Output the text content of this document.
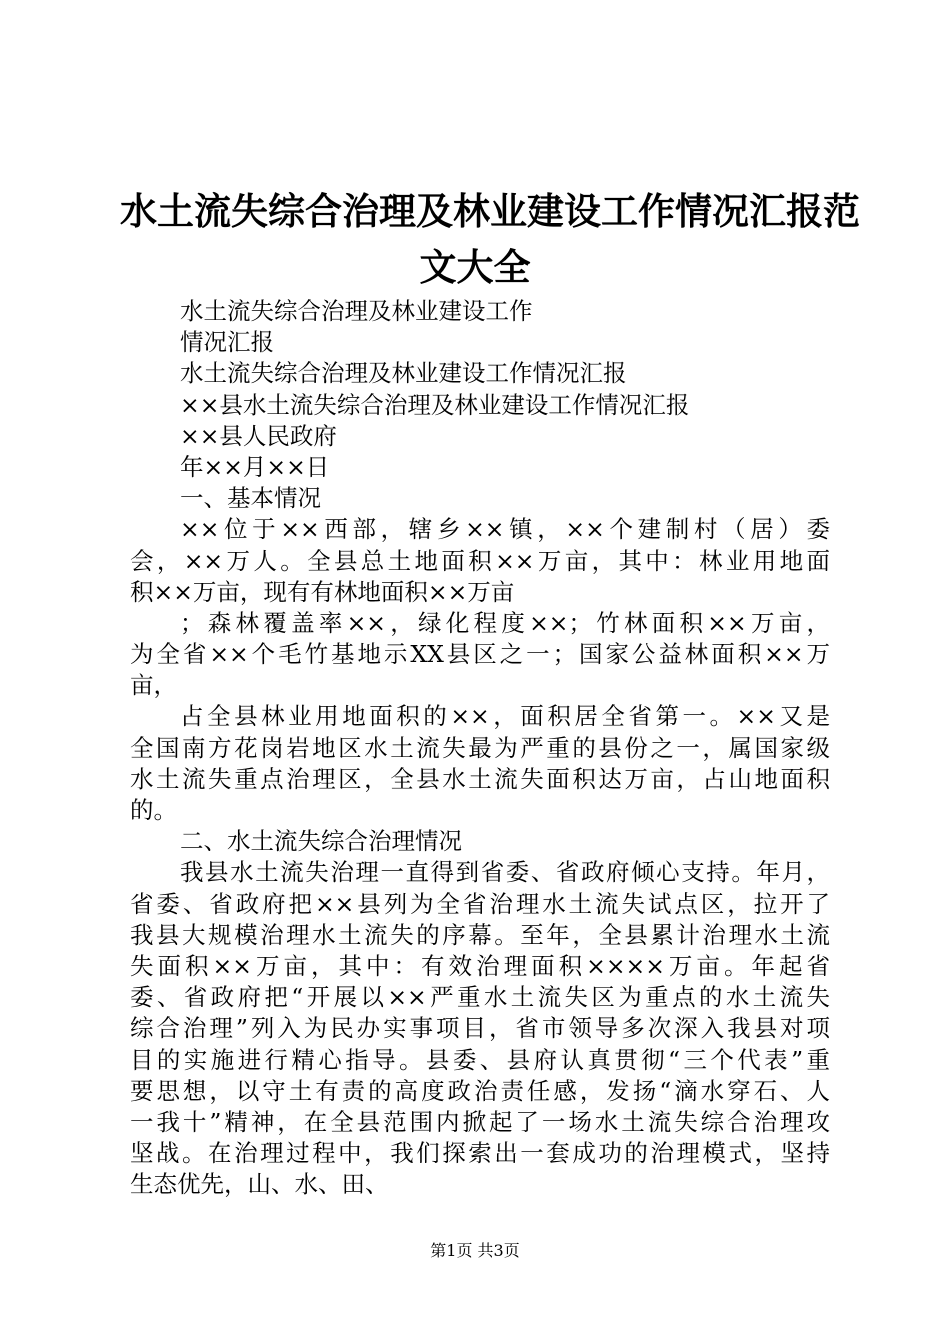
水土流失综合治理及林业建设工作情况汇报范
文大全
水土流失综合治理及林业建设工作
情况汇报
水土流失综合治理及林业建设工作情况汇报
××县水土流失综合治理及林业建设工作情况汇报
××县人民政府
年××月××日
一、基本情况
××位于××西部，辖乡××镇，××个建制村（居）委
会，××万人。全县总土地面积××万亩，其中：林业用地面
积××万亩，现有有林地面积××万亩
；森林覆盖率××，绿化程度××；竹林面积××万亩，
为全省××个毛竹基地示XX县区之一；国家公益林面积××万
亩，
占全县林业用地面积的××，面积居全省第一。××又是
全国南方花岗岩地区水土流失最为严重的县份之一，属国家级
水土流失重点治理区，全县水土流失面积达万亩，占山地面积
的。
二、水土流失综合治理情况
我县水土流失治理一直得到省委、省政府倾心支持。年月，
省委、省政府把××县列为全省治理水土流失试点区，拉开了
我县大规模治理水土流失的序幕。至年，全县累计治理水土流
失面积××万亩，其中：有效治理面积××××万亩。年起省
委、省政府把“开展以××严重水土流失区为重点的水土流失
综合治理”列入为民办实事项目，省市领导多次深入我县对项
目的实施进行精心指导。县委、县府认真贯彻“三个代表”重
要思想，以守土有责的高度政治责任感，发扬“滴水穿石、人
一我十”精神，在全县范围内掀起了一场水土流失综合治理攻
坚战。在治理过程中，我们探索出一套成功的治理模式，坚持
生态优先，山、水、田、
第1页 共3页
